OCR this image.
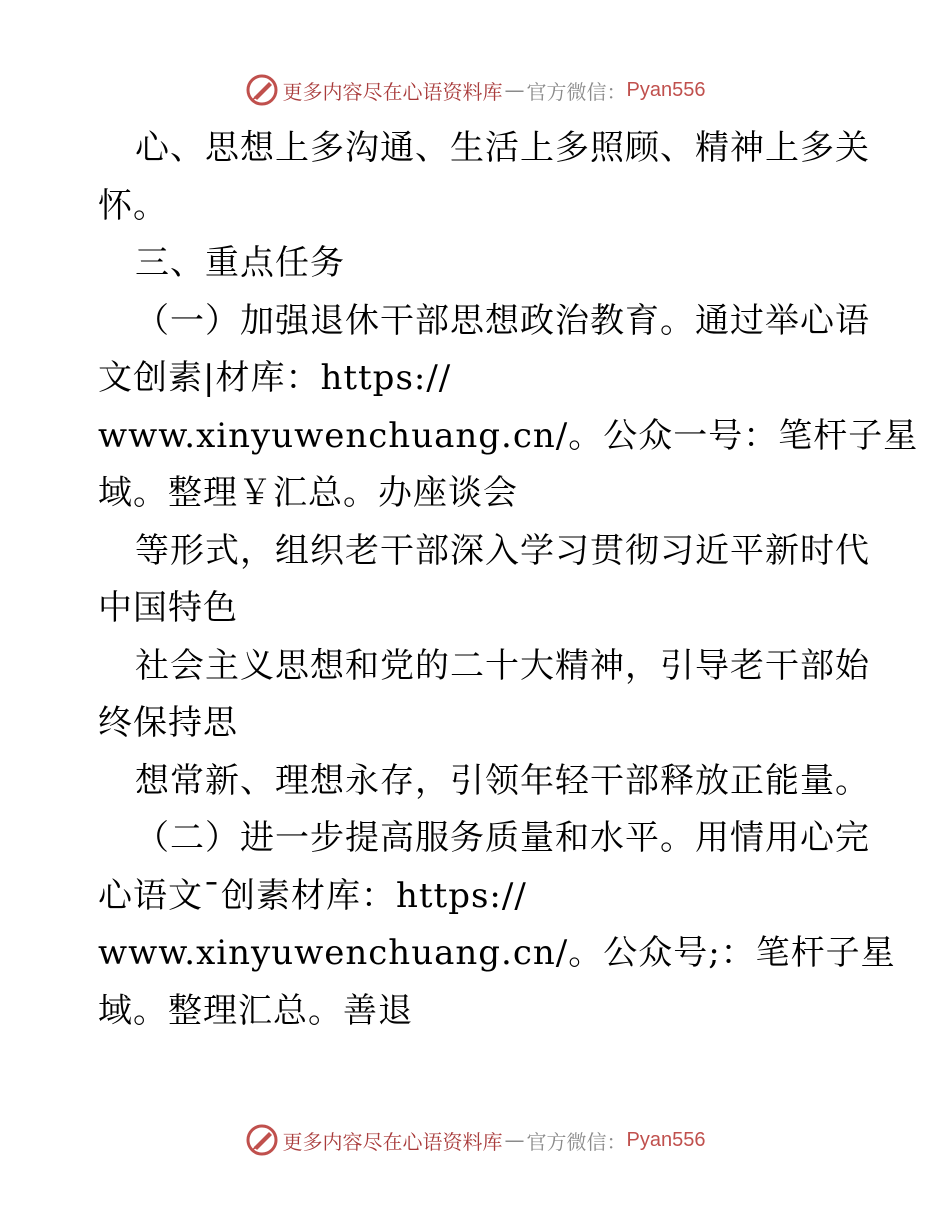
更多内容尽在心语资料库 — 官方微信： Pyan556
心、思想上多沟通、生活上多照顾、精神上多关
怀。
三、重点任务
（一）加强退休干部思想政治教育。通过举心语
文创素|材库：https://
www.xinyuwenchuang.cn/。公众一号：笔杆子星
域。整理￥汇总。办座谈会
等形式，组织老干部深入学习贯彻习近平新时代
中国特色
社会主义思想和党的二十大精神，引导老干部始
终保持思
想常新、理想永存，引领年轻干部释放正能量。
（二）进一步提高服务质量和水平。用情用心完
心语文¯创素材库：https://
www.xinyuwenchuang.cn/。公众号;：笔杆子星
域。整理汇总。善退
更多内容尽在心语资料库 — 官方微信： Pyan556
